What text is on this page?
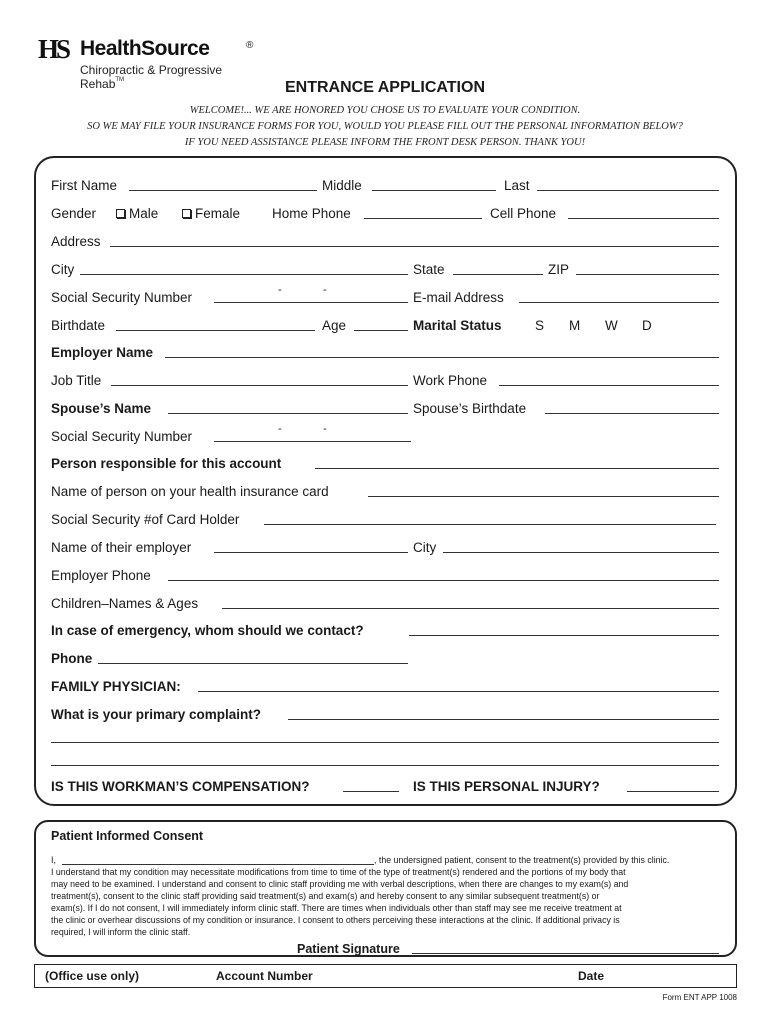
HS HealthSource	®
Chiropractic & Progressive Rehab™	ENTRANCE APPLICATION
WELCOME!... WE ARE HONORED YOU CHOSE US TO EVALUATE YOUR CONDITION.
SO WE MAY FILE YOUR INSURANCE FORMS FOR YOU, WOULD YOU PLEASE FILL OUT THE PERSONAL INFORMATION BELOW?
IF YOU NEED ASSISTANCE PLEASE INFORM THE FRONT DESK PERSON. THANK YOU!
First Name	Middle	Last
Gender	Male	Female Home Phone	Cell Phone
Address
City	State	ZIP
Social Security Number	-	-	E-mail Address
Birthdate	Age	Marital Status S M W D
Employer Name
Job Title	Work Phone
Spouse’s Name	Spouse’s Birthdate
Social Security Number	-	-
Person responsible for this account
Name of person on your health insurance card
Social Security #of Card Holder
Name of their employer	City
Employer Phone
Children–Names & Ages
In case of emergency, whom should we contact?
Phone
FAMILY PHYSICIAN:
What is your primary complaint?
IS THIS WORKMAN’S COMPENSATION?	IS THIS PERSONAL INJURY?
Patient Informed Consent
I,	, the undersigned patient, consent to the treatment(s) provided by this clinic.
I understand that my condition may necessitate modifications from time to time of the type of treatment(s) rendered and the portions of my body that
may need to be examined. I understand and consent to clinic staff providing me with verbal descriptions, when there are changes to my exam(s) and
treatment(s), consent to the clinic staff providing said treatment(s) and exam(s) and hereby consent to any similar subsequent treatment(s) or
exam(s). If I do not consent, I will immediately inform clinic staff. There are times when individuals other than staff may see me receive treatment at
the clinic or overhear discussions of my condition or insurance. I consent to others perceiving these interactions at the clinic. If additional privacy is
required, I will inform the clinic staff.
Patient Signature
(Office use only)	Account Number	Date
Form ENT APP 1008
